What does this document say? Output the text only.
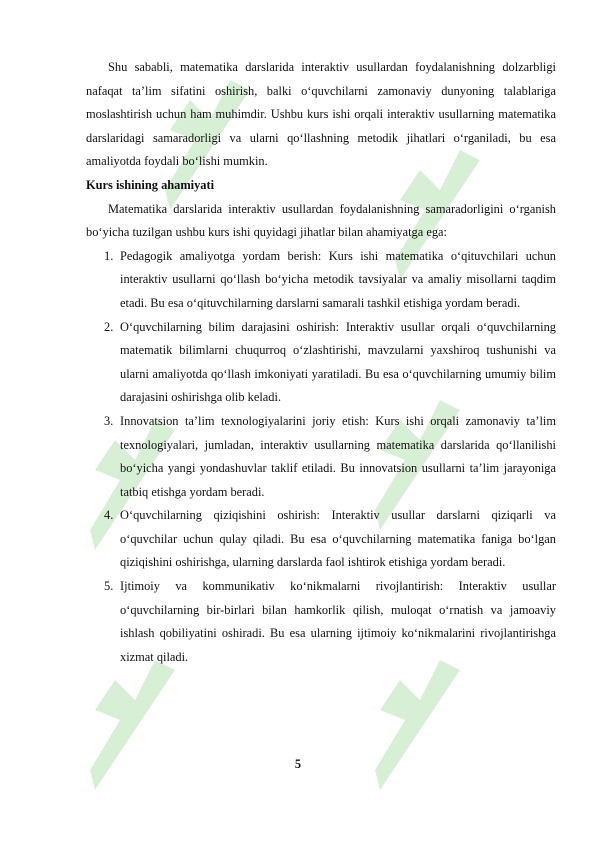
Shu sababli, matematika darslarida interaktiv usullardan foydalanishning dolzarbligi nafaqat ta’lim sifatini oshirish, balki o‘quvchilarni zamonaviy dunyoning talablariga moslashtirish uchun ham muhimdir. Ushbu kurs ishi orqali interaktiv usullarning matematika darslaridagi samaradorligi va ularni qo‘llashning metodik jihatlari o‘rganiladi, bu esa amaliyotda foydali bo‘lishi mumkin.

Kurs ishining ahamiyati

Matematika darslarida interaktiv usullardan foydalanishning samaradorligini o‘rganish bo‘yicha tuzilgan ushbu kurs ishi quyidagi jihatlar bilan ahamiyatga ega:

1. Pedagogik amaliyotga yordam berish: Kurs ishi matematika o‘qituvchilari uchun interaktiv usullarni qo‘llash bo‘yicha metodik tavsiyalar va amaliy misollarni taqdim etadi. Bu esa o‘qituvchilarning darslarni samarali tashkil etishiga yordam beradi.
2. O‘quvchilarning bilim darajasini oshirish: Interaktiv usullar orqali o‘quvchilarning matematik bilimlarni chuqurroq o‘zlashtirishi, mavzularni yaxshiroq tushunishi va ularni amaliyotda qo‘llash imkoniyati yaratiladi. Bu esa o‘quvchilarning umumiy bilim darajasini oshirishga olib keladi.
3. Innovatsion ta’lim texnologiyalarini joriy etish: Kurs ishi orqali zamonaviy ta’lim texnologiyalari, jumladan, interaktiv usullarning matematika darslarida qo‘llanilishi bo‘yicha yangi yondashuvlar taklif etiladi. Bu innovatsion usullarni ta’lim jarayoniga tatbiq etishga yordam beradi.
4. O‘quvchilarning qiziqishini oshirish: Interaktiv usullar darslarni qiziqarli va o‘quvchilar uchun qulay qiladi. Bu esa o‘quvchilarning matematika faniga bo‘lgan qiziqishini oshirishga, ularning darslarda faol ishtirok etishiga yordam beradi.
5. Ijtimoiy va kommunikativ ko‘nikmalarni rivojlantirish: Interaktiv usullar o‘quvchilarning bir-birlari bilan hamkorlik qilish, muloqat o‘rnatish va jamoaviy ishlash qobiliyatini oshiradi. Bu esa ularning ijtimoiy ko‘nikmalarini rivojlantirishga xizmat qiladi.
5
